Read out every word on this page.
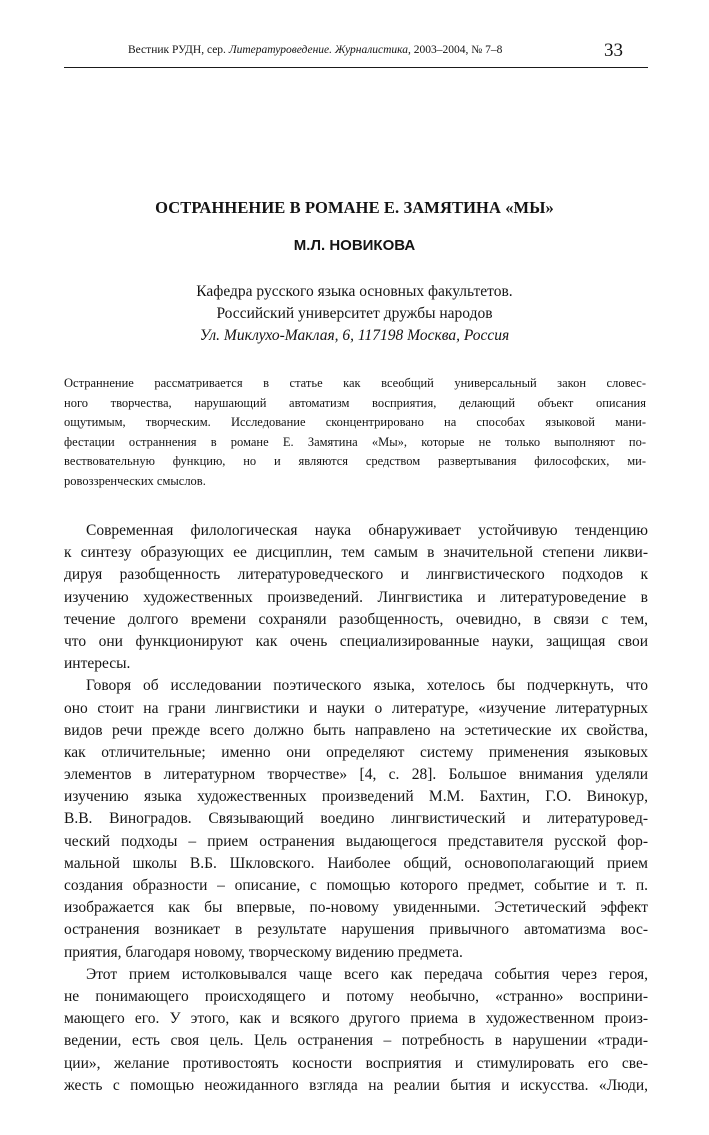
Вестник РУДН, сер. Литературоведение. Журналистика, 2003–2004, № 7–8	33
ОСТРАННЕНИЕ В РОМАНЕ Е. ЗАМЯТИНА «МЫ»
М.Л. НОВИКОВА
Кафедра русского языка основных факультетов.
Российский университет дружбы народов
Ул. Миклухо-Маклая, 6, 117198 Москва, Россия
Остраннение рассматривается в статье как всеобщий универсальный закон словес-
ного творчества, нарушающий автоматизм восприятия, делающий объект описания
ощутимым, творческим. Исследование сконцентрировано на способах языковой мани-
фестации остраннения в романе Е. Замятина «Мы», которые не только выполняют по-
вествовательную функцию, но и являются средством развертывания философских, ми-
ровоззренческих смыслов.
Современная филологическая наука обнаруживает устойчивую тенденцию
к синтезу образующих ее дисциплин, тем самым в значительной степени ликви-
дируя разобщенность литературоведческого и лингвистического подходов к
изучению художественных произведений. Лингвистика и литературоведение в
течение долгого времени сохраняли разобщенность, очевидно, в связи с тем,
что они функционируют как очень специализированные науки, защищая свои
интересы.
Говоря об исследовании поэтического языка, хотелось бы подчеркнуть, что
оно стоит на грани лингвистики и науки о литературе, «изучение литературных
видов речи прежде всего должно быть направлено на эстетические их свойства,
как отличительные; именно они определяют систему применения языковых
элементов в литературном творчестве» [4, с. 28]. Большое внимания уделяли
изучению языка художественных произведений М.М. Бахтин, Г.О. Винокур,
В.В. Виноградов. Связывающий воедино лингвистический и литературовед-
ческий подходы – прием остранения выдающегося представителя русской фор-
мальной школы В.Б. Шкловского. Наиболее общий, основополагающий прием
создания образности – описание, с помощью которого предмет, событие и т. п.
изображается как бы впервые, по-новому увиденными. Эстетический эффект
остранения возникает в результате нарушения привычного автоматизма вос-
приятия, благодаря новому, творческому видению предмета.
Этот прием истолковывался чаще всего как передача события через героя,
не понимающего происходящего и потому необычно, «странно» восприни-
мающего его. У этого, как и всякого другого приема в художественном произ-
ведении, есть своя цель. Цель остранения – потребность в нарушении «тради-
ции», желание противостоять косности восприятия и стимулировать его све-
жесть с помощью неожиданного взгляда на реалии бытия и искусства. «Люди,
